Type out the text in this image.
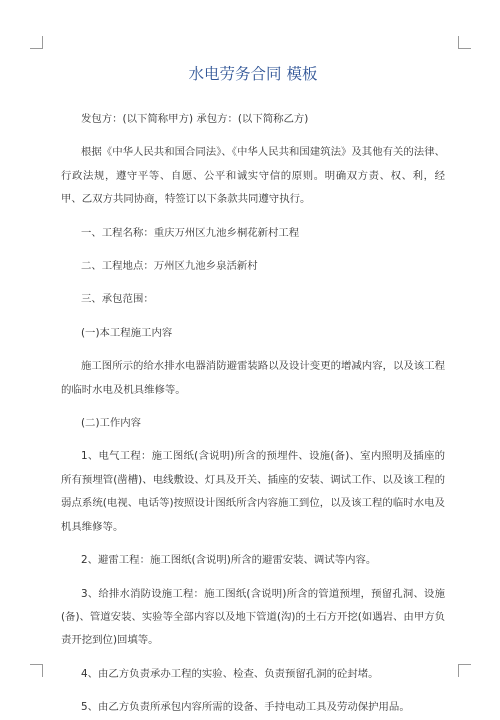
水电劳务合同 模板

发包方：(以下简称甲方) 承包方：(以下简称乙方)

根据《中华人民共和国合同法》、《中华人民共和国建筑法》及其他有关的法律、行政法规，遵守平等、自愿、公平和诚实守信的原则。明确双方责、权、利，经甲、乙双方共同协商，特签订以下条款共同遵守执行。

一、工程名称：重庆万州区九池乡桐花新村工程

二、工程地点：万州区九池乡泉活新村

三、承包范围：

(一)本工程施工内容

施工图所示的给水排水电器消防避雷装路以及设计变更的增减内容，以及该工程的临时水电及机具维修等。

(二)工作内容

1、电气工程：施工图纸(含说明)所含的预埋件、设施(备)、室内照明及插座的所有预埋管(凿槽)、电线敷设、灯具及开关、插座的安装、调试工作、以及该工程的弱点系统(电视、电话等)按照设计图纸所含内容施工到位，以及该工程的临时水电及机具维修等。

2、避雷工程：施工图纸(含说明)所含的避雷安装、调试等内容。

3、给排水消防设施工程：施工图纸(含说明)所含的管道预埋，预留孔洞、设施(备)、管道安装、实验等全部内容以及地下管道(沟)的土石方开挖(如遇岩、由甲方负责开挖到位)回填等。

4、由乙方负责承办工程的实验、检查、负责预留孔洞的砼封堵。

5、由乙方负责所承包内容所需的设备、手持电动工具及劳动保护用品。
